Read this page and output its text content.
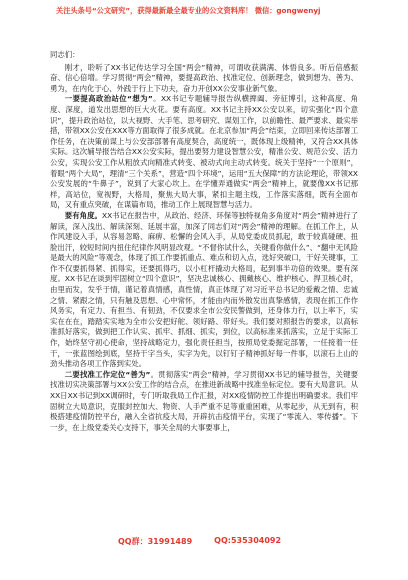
关注头条号“公文研究”，获得最新最全最专业的公文资料库！ 微信：gongwenyj

同志们：

刚才，聆听了XX书记传达学习全国“两会”精神，可谓收获满满、体悟良多。听后倍感振奋、信心倍增。学习贯彻“两会”精神，要提高政治、找准定位、创新理念，做到想为、善为、勇为，在内化于心、外践于行上下功夫，奋力开创XX公安事业新气象。

一要提高政治站位“想为”。XX书记专题辅导报告纵横捭阖、旁征博引，这种高度、角度、深度，道发出思想的巨大火花。要有高度。XX书记主持XX公安以来，切实强化“四个意识”，提升政治站位，以大视野、大手笔、思考研究、谋划工作，以前瞻性、最严要求、最实举措，带领XX公安在XXX等方面取得了很多成就。在北京参加“两会”结束，立即回来传达部署工作任务，在决策前谋上与公安部部署有高度契合，高度统一，既体现上级精神，又符合XX具体实际。这次辅导报告结合XX公安实际，提出要努力建设智慧公安，精准公安、规范公安、活力公安，实现公安工作从粗放式向精准式转变、被动式向主动式转变。统关于坚持“一个原则”，着眼“两个大局”，理清“三个关系”，营造“四个环境”，运用“五大保障”的方法论理论，带领XX公安发展的“牛鼻子”，说到了大家心坎上。在学懂弄通做实“两会”精神上，就要像XX书记那样，高站位，宽视野，大格局，聚焦大局大事，紧扣主题主线，工作落实落细，既有全面布局，又有重点突破，在谋篇布局，推动工作上展现智慧与活力。

要有角度。XX书记在报告中，从政治、经济、环保等独特视角多角度对“两会”精神进行了解读，深入浅出、解读深刻、延展丰富，加深了同志们对“两会”精神的理解。在抓工作上，从作风建设入手，从容易忽略、麻痹、松懈的会风入手，从局党委成员抓起，敢于较真碰硬、扭脸出汗，较短时间内扭住纪律作风明显改观。“不督你试什么，关键看你做什么”、“翻中无风险是最大的风险”等观念，体现了抓工作要抓重点、难点和切入点，选好突破口，干好关键事，工作不仅要抓得紧、抓得实，还要抓得巧，以小杠杆撬动大格局，起到事半功倍的效果。要有深度。XX书记在谈到牢固树立“四个意识”，坚决忠诚核心、拥戴核心、维护核心、捍卫核心时，由里而发，发乎于情，谨记着真情感，真性情，真正体现了对习近平总书记的爱戴之情、忠诚之情、紧跟之情，只有触及思想、心中常怀，才能由内而外散发出真挚感情，表现在抓工作作风务实，有定力、有担当、有韧劲，不仅要求全市公安民警做到，还身体力行，以上率下，实实在在在，踏踏实实地为全市公安把好舵、领好路、带好头。我们要对照报告的要求，以高标准抓好落实，做到把工作认实、抓牢、抓细、抓实，到位，以高标准来抓落实，立足于实际工作，始终坚守初心使命，坚持战略定力，强化责任担当，按照局党委掘定部署，一任接着一任干，一张蓝图绘到底，坚持干字当头，实字为先，以钉钉子精神抓好每一件事，以滚石上山的劲头推动各项工作落到实处。

二要找准工作定位“善为”。贯彻落实“两会”精神，学习贯彻XX书记的辅导报告，关键要找准切实决策部署与XX公安工作的结合点，在推进新战略中找准坐标定位。要有大局意识。从XX日XX书记到XX调研时，专门听取我局工作汇报，对XX疫情防控工作提出明确要求。我们牢固树立大局意识，克服封控加大、物资、人手严重不足等重重困难，从零起步，从无到有，积极搭建疫情防控平台，融入全省抗疫大局，开辟抗击疫情平台，实现了“零流入、零传播”。下一步，在上级党委关心支持下，事关全局的大事要事上，

QQ群：31991489	QQ:535304092
